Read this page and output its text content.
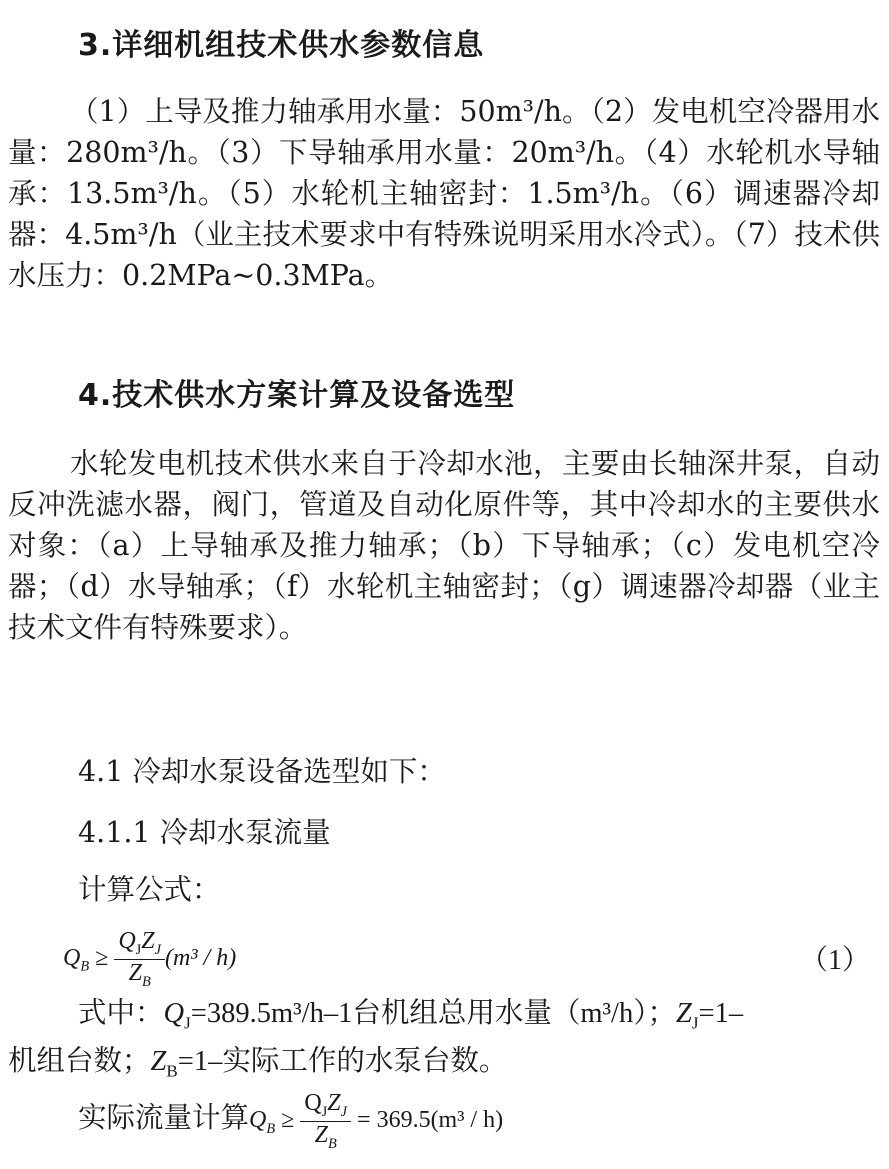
3.详细机组技术供水参数信息

（1）上导及推力轴承用水量：50m³/h。（2）发电机空冷器用水量：280m³/h。（3）下导轴承用水量：20m³/h。（4）水轮机水导轴承：13.5m³/h。（5）水轮机主轴密封：1.5m³/h。（6）调速器冷却器：4.5m³/h（业主技术要求中有特殊说明采用水冷式）。（7）技术供水压力：0.2MPa~0.3MPa。

4.技术供水方案计算及设备选型

水轮发电机技术供水来自于冷却水池，主要由长轴深井泵，自动反冲洗滤水器，阀门，管道及自动化原件等，其中冷却水的主要供水对象：（a）上导轴承及推力轴承；（b）下导轴承；（c）发电机空冷器；（d）水导轴承；（f）水轮机主轴密封；（g）调速器冷却器（业主技术文件有特殊要求）。

4.1 冷却水泵设备选型如下：
4.1.1 冷却水泵流量
计算公式：
$Q_B \ge \frac{Q_JZ_J}{Z_B} (m^3 / h)$	（1）
式中：$Q_J=389.5m^3/h-1$台机组总用水量（m³/h）；$Z_J=1-$
机组台数；$Z_B=1-$实际工作的水泵台数。
实际流量计算$Q_B \ge \frac{Q_JZ_J}{Z_B} = 369.5(m^3 / h)$
